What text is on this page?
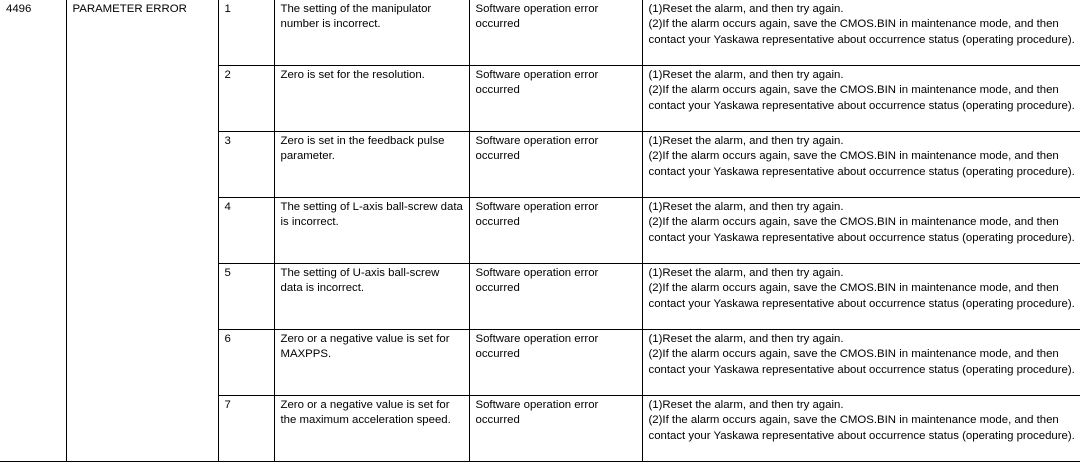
4496	PARAMETER ERROR	1	The setting of the manipulator number is incorrect.	Software operation error occurred	(1)Reset the alarm, and then try again.
(2)If the alarm occurs again, save the CMOS.BIN in maintenance mode, and then contact your Yaskawa representative about occurrence status (operating procedure).

		2	Zero is set for the resolution.	Software operation error occurred	(1)Reset the alarm, and then try again.
(2)If the alarm occurs again, save the CMOS.BIN in maintenance mode, and then contact your Yaskawa representative about occurrence status (operating procedure).

		3	Zero is set in the feedback pulse parameter.	Software operation error occurred	(1)Reset the alarm, and then try again.
(2)If the alarm occurs again, save the CMOS.BIN in maintenance mode, and then contact your Yaskawa representative about occurrence status (operating procedure).

		4	The setting of L-axis ball-screw data is incorrect.	Software operation error occurred	(1)Reset the alarm, and then try again.
(2)If the alarm occurs again, save the CMOS.BIN in maintenance mode, and then contact your Yaskawa representative about occurrence status (operating procedure).

		5	The setting of U-axis ball-screw data is incorrect.	Software operation error occurred	(1)Reset the alarm, and then try again.
(2)If the alarm occurs again, save the CMOS.BIN in maintenance mode, and then contact your Yaskawa representative about occurrence status (operating procedure).

		6	Zero or a negative value is set for MAXPPS.	Software operation error occurred	(1)Reset the alarm, and then try again.
(2)If the alarm occurs again, save the CMOS.BIN in maintenance mode, and then contact your Yaskawa representative about occurrence status (operating procedure).

		7	Zero or a negative value is set for the maximum acceleration speed.	Software operation error occurred	(1)Reset the alarm, and then try again.
(2)If the alarm occurs again, save the CMOS.BIN in maintenance mode, and then contact your Yaskawa representative about occurrence status (operating procedure).
